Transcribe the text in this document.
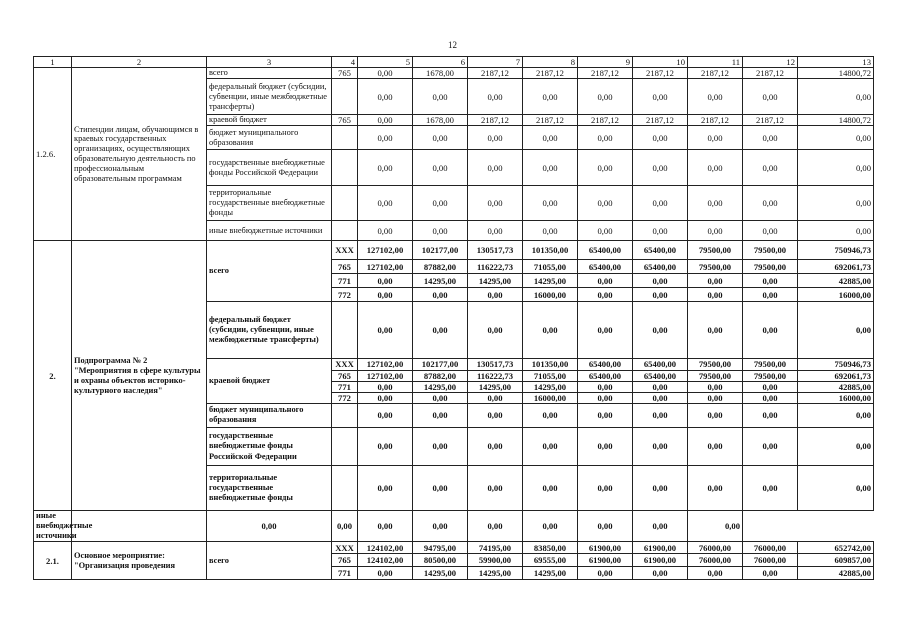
12
1	2	3	4	5	6	7	8	9	10	11	12	13
1.2.6.	Стипендии лицам, обучающимся в краевых государственных организациях, осуществляющих образовательную деятельность по профессиональным образовательным программам	всего	765	0,00	1678,00	2187,12	2187,12	2187,12	2187,12	2187,12	2187,12	14800,72
		федеральный бюджет (субсидии, субвенции, иные межбюджетные трансферты)		0,00	0,00	0,00	0,00	0,00	0,00	0,00	0,00	0,00
		краевой бюджет	765	0,00	1678,00	2187,12	2187,12	2187,12	2187,12	2187,12	2187,12	14800,72
		бюджет муниципального образования		0,00	0,00	0,00	0,00	0,00	0,00	0,00	0,00	0,00
		государственные внебюджетные фонды Российской Федерации		0,00	0,00	0,00	0,00	0,00	0,00	0,00	0,00	0,00
		территориальные государственные внебюджетные фонды		0,00	0,00	0,00	0,00	0,00	0,00	0,00	0,00	0,00
		иные внебюджетные источники		0,00	0,00	0,00	0,00	0,00	0,00	0,00	0,00	0,00
2.	Подпрограмма № 2 "Мероприятия в сфере культуры и охраны объектов историко-культурного наследия"	всего	XXX	127102,00	102177,00	130517,73	101350,00	65400,00	65400,00	79500,00	79500,00	750946,73
			765	127102,00	87882,00	116222,73	71055,00	65400,00	65400,00	79500,00	79500,00	692061,73
			771	0,00	14295,00	14295,00	14295,00	0,00	0,00	0,00	0,00	42885,00
			772	0,00	0,00	0,00	16000,00	0,00	0,00	0,00	0,00	16000,00
		федеральный бюджет (субсидии, субвенции, иные межбюджетные трансферты)		0,00	0,00	0,00	0,00	0,00	0,00	0,00	0,00	0,00
		краевой бюджет	XXX	127102,00	102177,00	130517,73	101350,00	65400,00	65400,00	79500,00	79500,00	750946,73
			765	127102,00	87882,00	116222,73	71055,00	65400,00	65400,00	79500,00	79500,00	692061,73
			771	0,00	14295,00	14295,00	14295,00	0,00	0,00	0,00	0,00	42885,00
			772	0,00	0,00	0,00	16000,00	0,00	0,00	0,00	0,00	16000,00
		бюджет муниципального образования		0,00	0,00	0,00	0,00	0,00	0,00	0,00	0,00	0,00
		государственные внебюджетные фонды Российской Федерации		0,00	0,00	0,00	0,00	0,00	0,00	0,00	0,00	0,00
		территориальные государственные внебюджетные фонды		0,00	0,00	0,00	0,00	0,00	0,00	0,00	0,00	0,00
иные внебюджетные источники		0,00	0,00	0,00	0,00	0,00	0,00	0,00	0,00	0,00		
2.1.	Основное мероприятие: "Организация проведения	всего	XXX	124102,00	94795,00	74195,00	83850,00	61900,00	61900,00	76000,00	76000,00	652742,00
			765	124102,00	80500,00	59900,00	69555,00	61900,00	61900,00	76000,00	76000,00	609857,00
			771	0,00	14295,00	14295,00	14295,00	0,00	0,00	0,00	0,00	42885,00
